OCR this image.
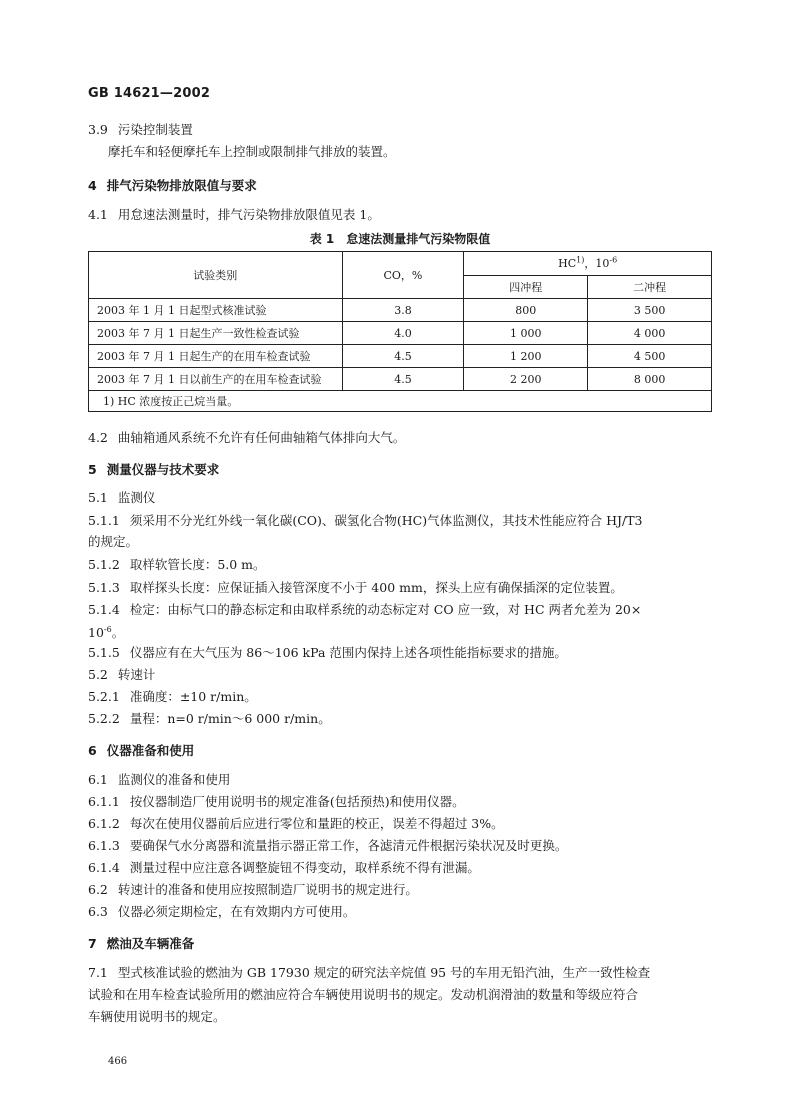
GB 14621—2002
3.9 污染控制装置
摩托车和轻便摩托车上控制或限制排气排放的装置。
4 排气污染物排放限值与要求
4.1 用怠速法测量时，排气污染物排放限值见表 1。
表 1　怠速法测量排气污染物限值
试验类别	CO，%	HC$^{1)}$，$10^{-6}$
		四冲程	二冲程
2003 年 1 月 1 日起型式核准试验	3.8	800	3 500
2003 年 7 月 1 日起生产一致性检查试验	4.0	1 000	4 000
2003 年 7 月 1 日起生产的在用车检查试验	4.5	1 200	4 500
2003 年 7 月 1 日以前生产的在用车检查试验	4.5	2 200	8 000
1) HC 浓度按正己烷当量。			
4.2 曲轴箱通风系统不允许有任何曲轴箱气体排向大气。
5 测量仪器与技术要求
5.1 监测仪
5.1.1 须采用不分光红外线一氧化碳(CO)、碳氢化合物(HC)气体监测仪，其技术性能应符合 HJ/T3
的规定。
5.1.2 取样软管长度：5.0 m。
5.1.3 取样探头长度：应保证插入接管深度不小于 400 mm，探头上应有确保插深的定位装置。
5.1.4 检定：由标气口的静态标定和由取样系统的动态标定对 CO 应一致，对 HC 两者允差为 20×
$10^{-6}$。
5.1.5 仪器应有在大气压为 86～106 kPa 范围内保持上述各项性能指标要求的措施。
5.2 转速计
5.2.1 准确度：±10 r/min。
5.2.2 量程：n=0 r/min～6 000 r/min。
6 仪器准备和使用
6.1 监测仪的准备和使用
6.1.1 按仪器制造厂使用说明书的规定准备(包括预热)和使用仪器。
6.1.2 每次在使用仪器前后应进行零位和量距的校正，误差不得超过 3%。
6.1.3 要确保气水分离器和流量指示器正常工作，各滤清元件根据污染状况及时更换。
6.1.4 测量过程中应注意各调整旋钮不得变动，取样系统不得有泄漏。
6.2 转速计的准备和使用应按照制造厂说明书的规定进行。
6.3 仪器必须定期检定，在有效期内方可使用。
7 燃油及车辆准备
7.1 型式核准试验的燃油为 GB 17930 规定的研究法辛烷值 95 号的车用无铅汽油，生产一致性检查
试验和在用车检查试验所用的燃油应符合车辆使用说明书的规定。发动机润滑油的数量和等级应符合
车辆使用说明书的规定。
466
